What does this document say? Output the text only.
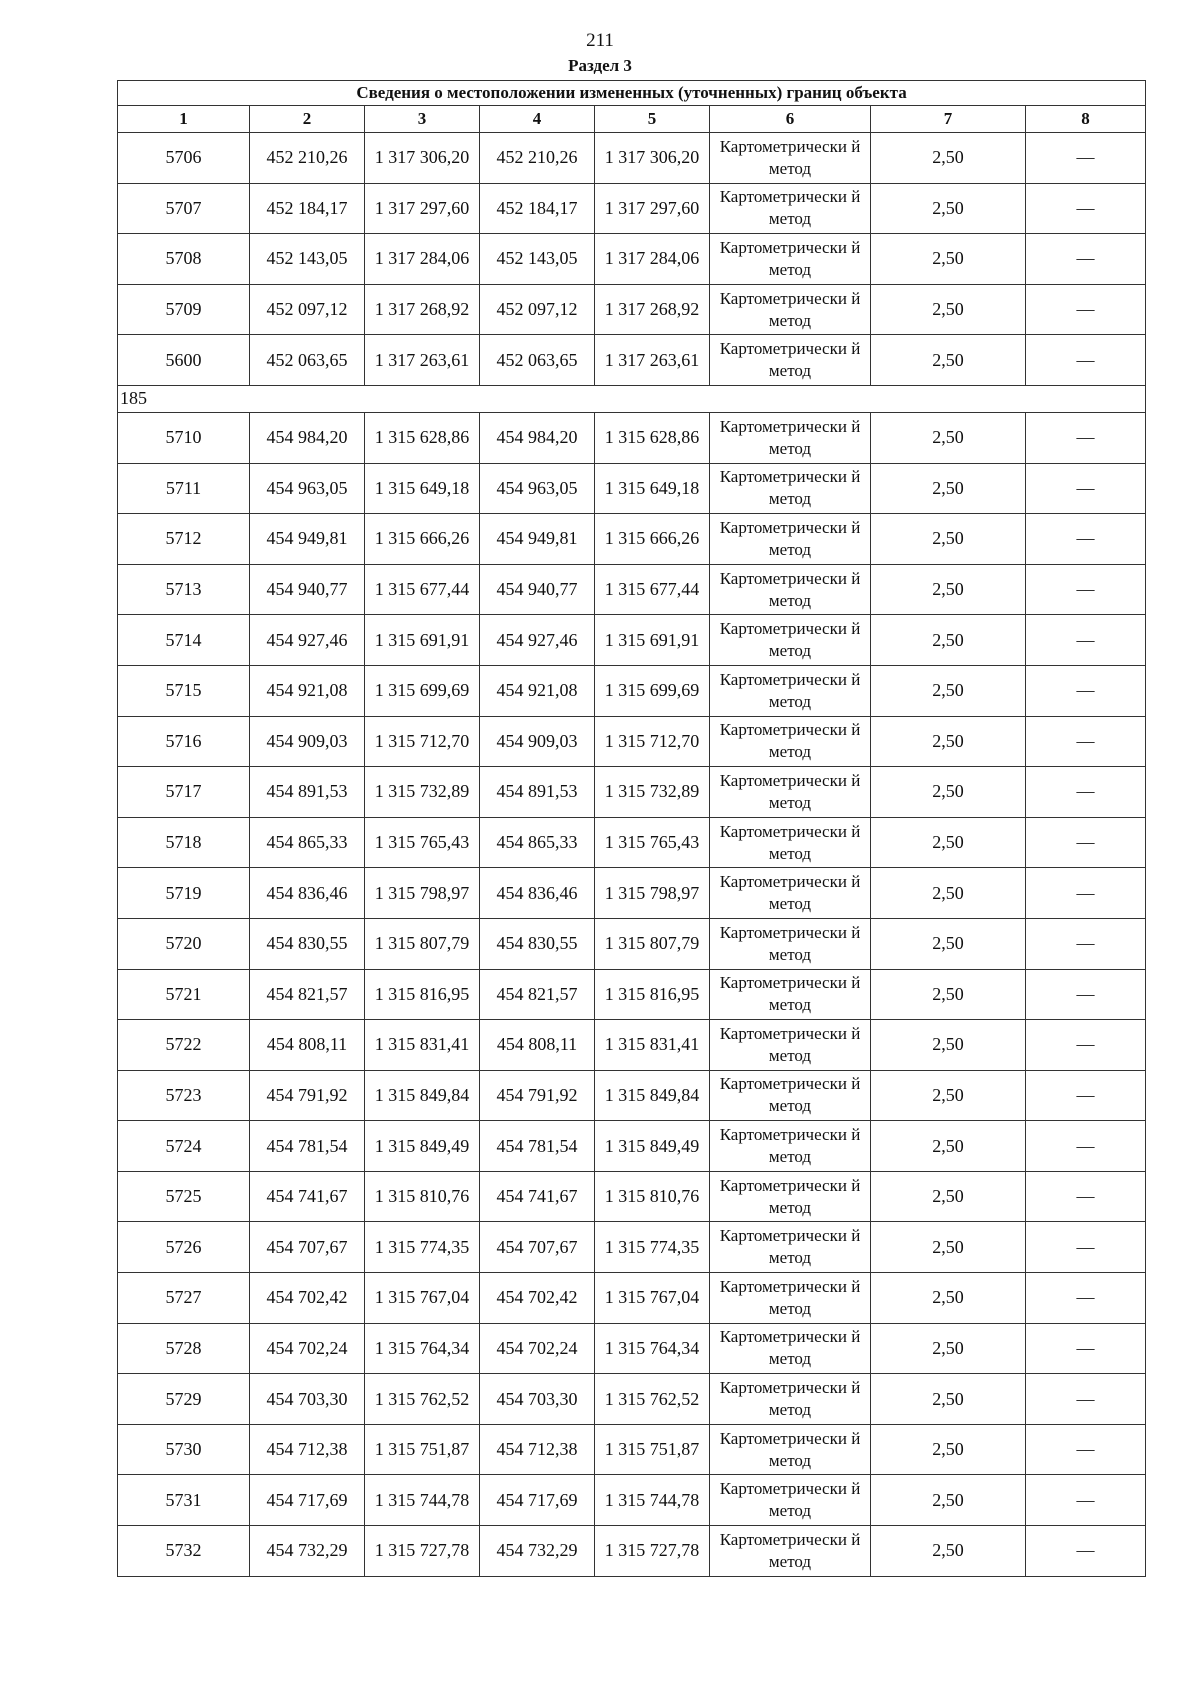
211
Раздел 3
Сведения о местоположении измененных (уточненных) границ объекта							
1	2	3	4	5	6	7	8
5706	452 210,26	1 317 306,20	452 210,26	1 317 306,20	Картометрически й метод	2,50	—
5707	452 184,17	1 317 297,60	452 184,17	1 317 297,60	Картометрически й метод	2,50	—
5708	452 143,05	1 317 284,06	452 143,05	1 317 284,06	Картометрически й метод	2,50	—
5709	452 097,12	1 317 268,92	452 097,12	1 317 268,92	Картометрически й метод	2,50	—
5600	452 063,65	1 317 263,61	452 063,65	1 317 263,61	Картометрически й метод	2,50	—
185							
5710	454 984,20	1 315 628,86	454 984,20	1 315 628,86	Картометрически й метод	2,50	—
5711	454 963,05	1 315 649,18	454 963,05	1 315 649,18	Картометрически й метод	2,50	—
5712	454 949,81	1 315 666,26	454 949,81	1 315 666,26	Картометрически й метод	2,50	—
5713	454 940,77	1 315 677,44	454 940,77	1 315 677,44	Картометрически й метод	2,50	—
5714	454 927,46	1 315 691,91	454 927,46	1 315 691,91	Картометрически й метод	2,50	—
5715	454 921,08	1 315 699,69	454 921,08	1 315 699,69	Картометрически й метод	2,50	—
5716	454 909,03	1 315 712,70	454 909,03	1 315 712,70	Картометрически й метод	2,50	—
5717	454 891,53	1 315 732,89	454 891,53	1 315 732,89	Картометрически й метод	2,50	—
5718	454 865,33	1 315 765,43	454 865,33	1 315 765,43	Картометрически й метод	2,50	—
5719	454 836,46	1 315 798,97	454 836,46	1 315 798,97	Картометрически й метод	2,50	—
5720	454 830,55	1 315 807,79	454 830,55	1 315 807,79	Картометрически й метод	2,50	—
5721	454 821,57	1 315 816,95	454 821,57	1 315 816,95	Картометрически й метод	2,50	—
5722	454 808,11	1 315 831,41	454 808,11	1 315 831,41	Картометрически й метод	2,50	—
5723	454 791,92	1 315 849,84	454 791,92	1 315 849,84	Картометрически й метод	2,50	—
5724	454 781,54	1 315 849,49	454 781,54	1 315 849,49	Картометрически й метод	2,50	—
5725	454 741,67	1 315 810,76	454 741,67	1 315 810,76	Картометрически й метод	2,50	—
5726	454 707,67	1 315 774,35	454 707,67	1 315 774,35	Картометрически й метод	2,50	—
5727	454 702,42	1 315 767,04	454 702,42	1 315 767,04	Картометрически й метод	2,50	—
5728	454 702,24	1 315 764,34	454 702,24	1 315 764,34	Картометрически й метод	2,50	—
5729	454 703,30	1 315 762,52	454 703,30	1 315 762,52	Картометрически й метод	2,50	—
5730	454 712,38	1 315 751,87	454 712,38	1 315 751,87	Картометрически й метод	2,50	—
5731	454 717,69	1 315 744,78	454 717,69	1 315 744,78	Картометрически й метод	2,50	—
5732	454 732,29	1 315 727,78	454 732,29	1 315 727,78	Картометрически й метод	2,50	—
